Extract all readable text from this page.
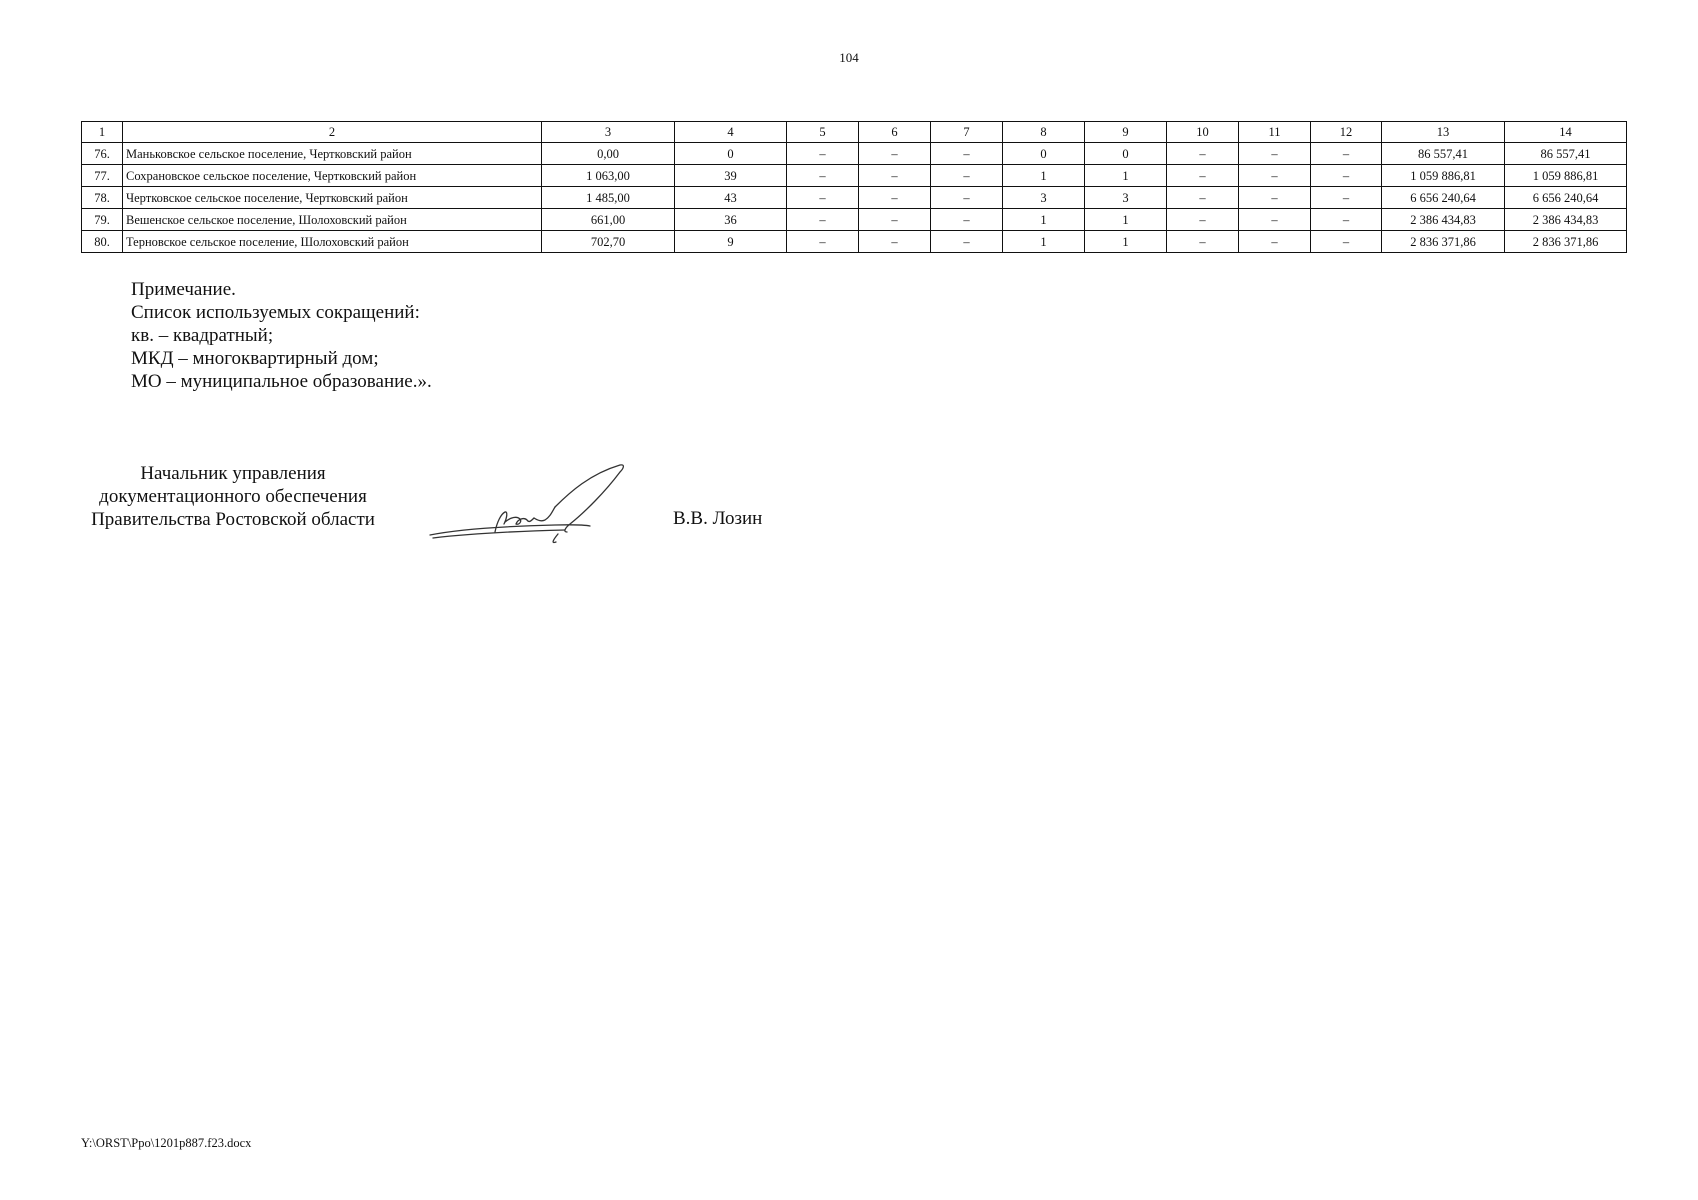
104
1	2	3	4	5	6	7	8	9	10	11	12	13	14
76.	Маньковское сельское поселение, Чертковский район	0,00	0	–	–	–	0	0	–	–	–	86 557,41	86 557,41
77.	Сохрановское сельское поселение, Чертковский район	1 063,00	39	–	–	–	1	1	–	–	–	1 059 886,81	1 059 886,81
78.	Чертковское сельское поселение, Чертковский район	1 485,00	43	–	–	–	3	3	–	–	–	6 656 240,64	6 656 240,64
79.	Вешенское сельское поселение, Шолоховский район	661,00	36	–	–	–	1	1	–	–	–	2 386 434,83	2 386 434,83
80.	Терновское сельское поселение, Шолоховский район	702,70	9	–	–	–	1	1	–	–	–	2 836 371,86	2 836 371,86
Примечание.
Список используемых сокращений:
кв. – квадратный;
МКД – многоквартирный дом;
МО – муниципальное образование.».
Начальник управления
документационного обеспечения
Правительства Ростовской области	В.В. Лозин
Y:\ORST\Ppo\1201p887.f23.docx
